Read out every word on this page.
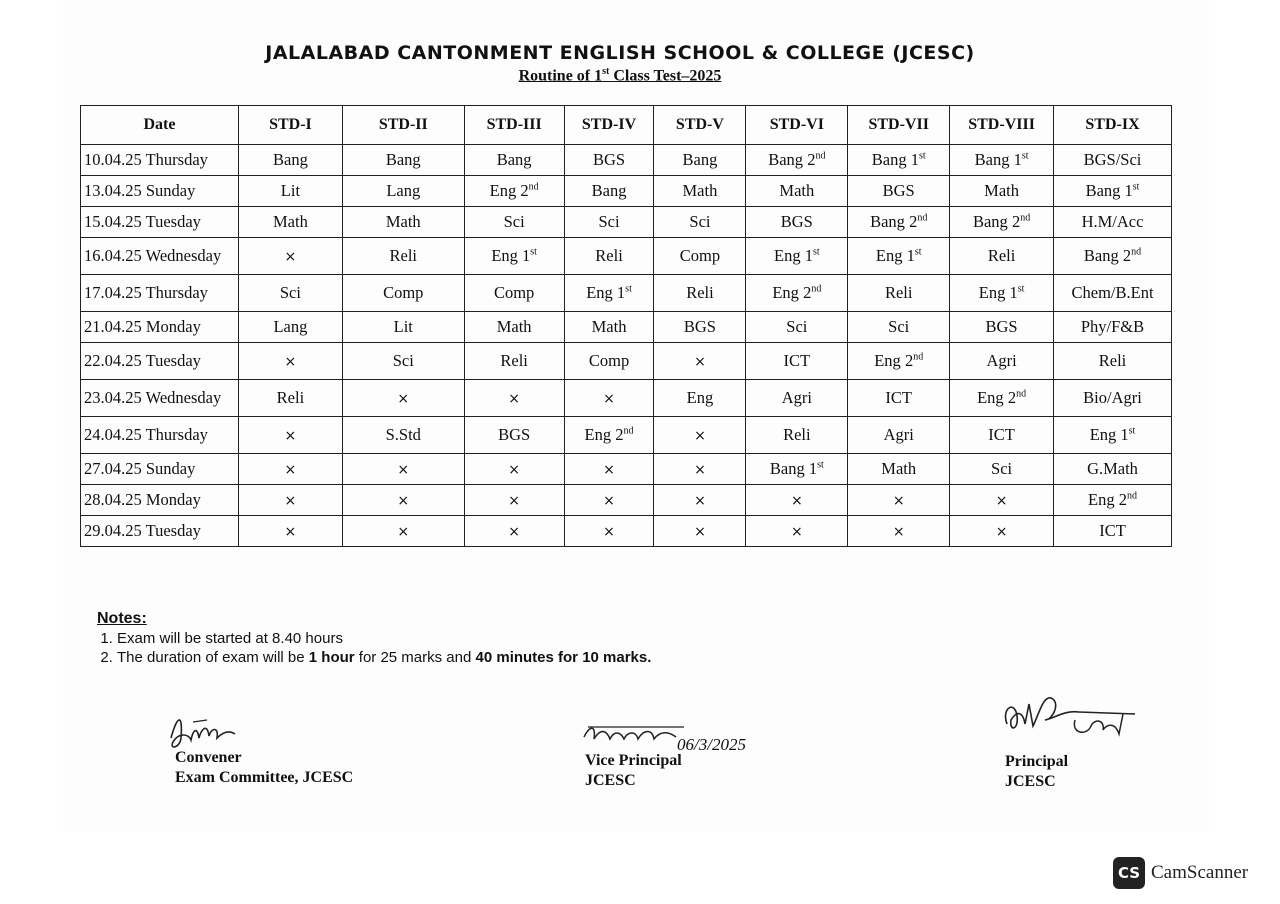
JALALABAD CANTONMENT ENGLISH SCHOOL & COLLEGE (JCESC)
Routine of 1st Class Test–2025
Date	STD-I	STD-II	STD-III	STD-IV	STD-V	STD-VI	STD-VII	STD-VIII	STD-IX
10.04.25 Thursday	Bang	Bang	Bang	BGS	Bang	Bang 2nd	Bang 1st	Bang 1st	BGS/Sci
13.04.25 Sunday	Lit	Lang	Eng 2nd	Bang	Math	Math	BGS	Math	Bang 1st
15.04.25 Tuesday	Math	Math	Sci	Sci	Sci	BGS	Bang 2nd	Bang 2nd	H.M/Acc
16.04.25 Wednesday	×	Reli	Eng 1st	Reli	Comp	Eng 1st	Eng 1st	Reli	Bang 2nd
17.04.25 Thursday	Sci	Comp	Comp	Eng 1st	Reli	Eng 2nd	Reli	Eng 1st	Chem/B.Ent
21.04.25 Monday	Lang	Lit	Math	Math	BGS	Sci	Sci	BGS	Phy/F&B
22.04.25 Tuesday	×	Sci	Reli	Comp	×	ICT	Eng 2nd	Agri	Reli
23.04.25 Wednesday	Reli	×	×	×	Eng	Agri	ICT	Eng 2nd	Bio/Agri
24.04.25 Thursday	×	S.Std	BGS	Eng 2nd	×	Reli	Agri	ICT	Eng 1st
27.04.25 Sunday	×	×	×	×	×	Bang 1st	Math	Sci	G.Math
28.04.25 Monday	×	×	×	×	×	×	×	×	Eng 2nd
29.04.25 Tuesday	×	×	×	×	×	×	×	×	ICT
Notes:
1. Exam will be started at 8.40 hours
2. The duration of exam will be 1 hour for 25 marks and 40 minutes for 10 marks.
Convener
Exam Committee, JCESC
06/3/2025
Vice Principal
JCESC
Principal
JCESC
CS CamScanner
